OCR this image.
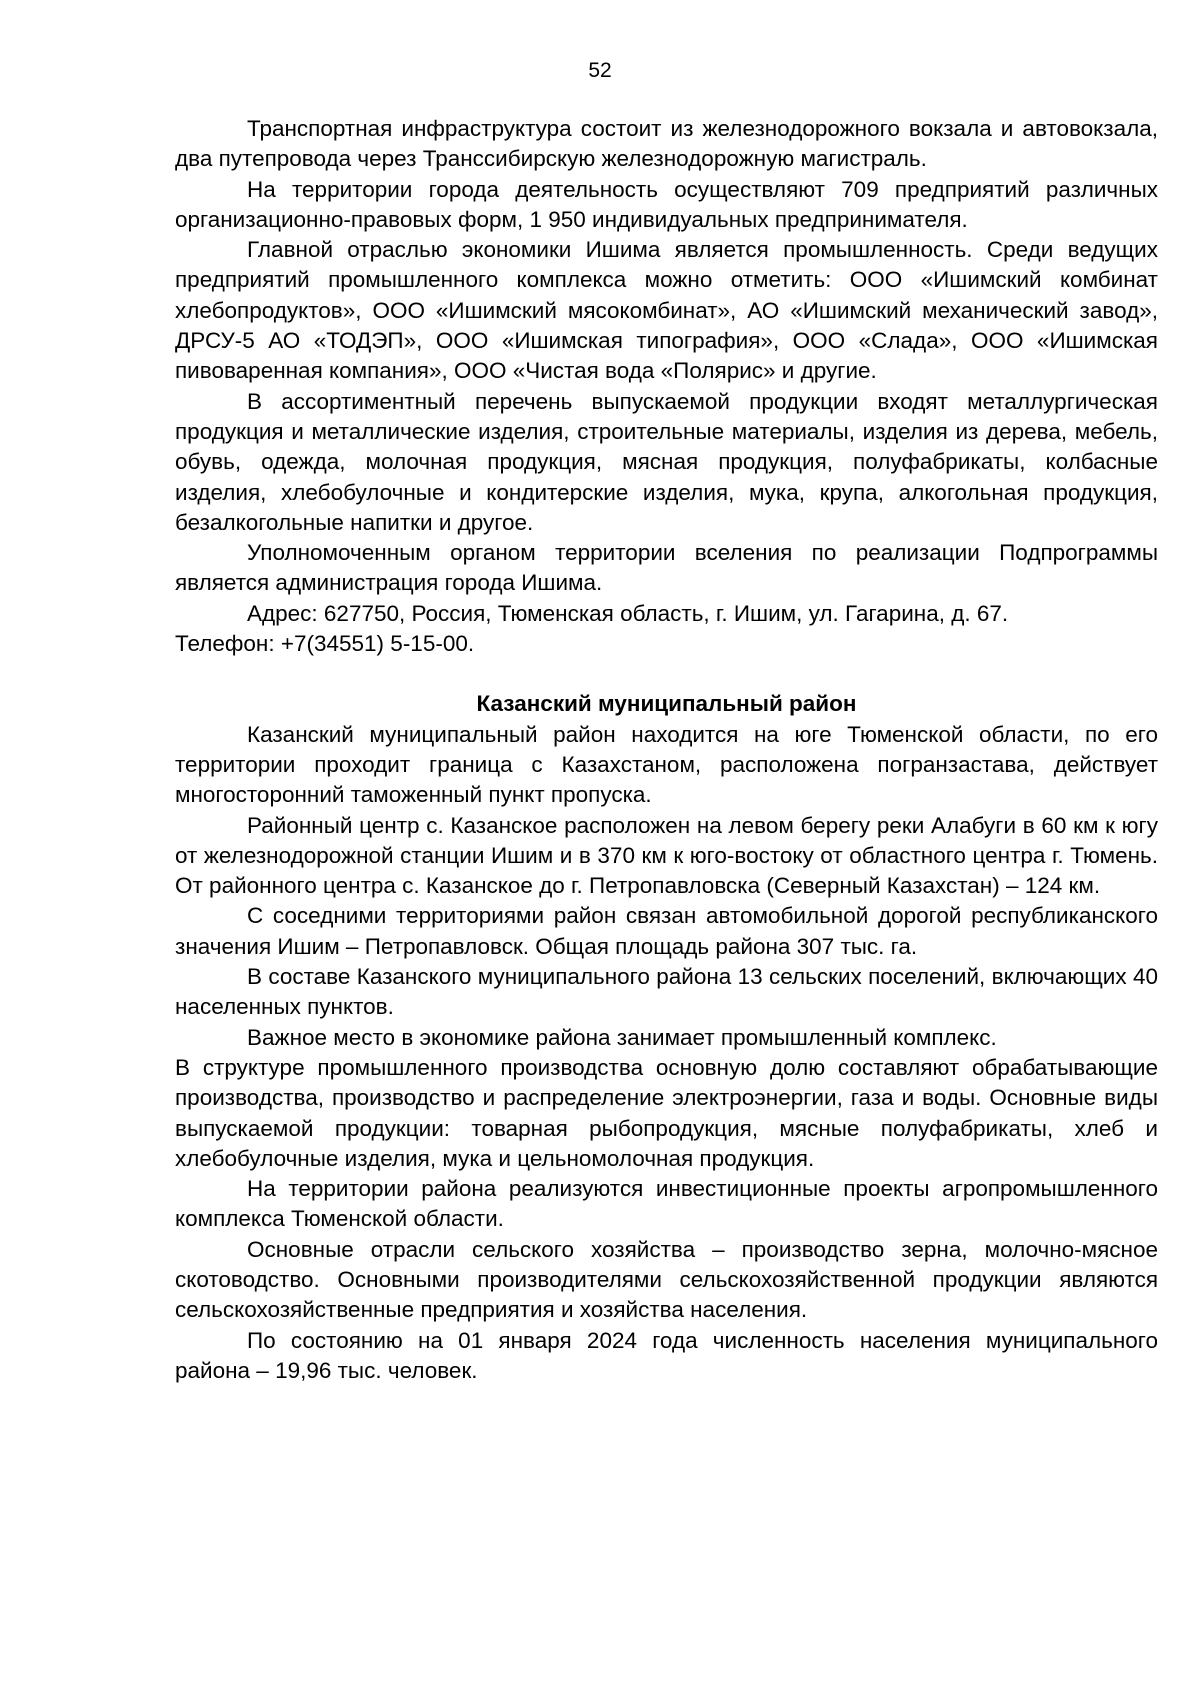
52

Транспортная инфраструктура состоит из железнодорожного вокзала и автовокзала, два путепровода через Транссибирскую железнодорожную магистраль.

На территории города деятельность осуществляют 709 предприятий различных организационно-правовых форм, 1 950 индивидуальных предпринимателя.

Главной отраслью экономики Ишима является промышленность. Среди ведущих предприятий промышленного комплекса можно отметить: ООО «Ишимский комбинат хлебопродуктов», ООО «Ишимский мясокомбинат», АО «Ишимский механический завод», ДРСУ-5 АО «ТОДЭП», ООО «Ишимская типография», ООО «Слада», ООО «Ишимская пивоваренная компания», ООО «Чистая вода «Полярис» и другие.

В ассортиментный перечень выпускаемой продукции входят металлургическая продукция и металлические изделия, строительные материалы, изделия из дерева, мебель, обувь, одежда, молочная продукция, мясная продукция, полуфабрикаты, колбасные изделия, хлебобулочные и кондитерские изделия, мука, крупа, алкогольная продукция, безалкогольные напитки и другое.

Уполномоченным органом территории вселения по реализации Подпрограммы является администрация города Ишима.

Адрес: 627750, Россия, Тюменская область, г. Ишим, ул. Гагарина, д. 67.

Телефон: +7(34551) 5-15-00.

Казанский муниципальный район

Казанский муниципальный район находится на юге Тюменской области, по его территории проходит граница с Казахстаном, расположена погранзастава, действует многосторонний таможенный пункт пропуска.

Районный центр с. Казанское расположен на левом берегу реки Алабуги в 60 км к югу от железнодорожной станции Ишим и в 370 км к юго-востоку от областного центра г. Тюмень. От районного центра с. Казанское до г. Петропавловска (Северный Казахстан) – 124 км.

С соседними территориями район связан автомобильной дорогой республиканского значения Ишим – Петропавловск. Общая площадь района 307 тыс. га.

В составе Казанского муниципального района 13 сельских поселений, включающих 40 населенных пунктов.

Важное место в экономике района занимает промышленный комплекс.

В структуре промышленного производства основную долю составляют обрабатывающие производства, производство и распределение электроэнергии, газа и воды. Основные виды выпускаемой продукции: товарная рыбопродукция, мясные полуфабрикаты, хлеб и хлебобулочные изделия, мука и цельномолочная продукция.

На территории района реализуются инвестиционные проекты агропромышленного комплекса Тюменской области.

Основные отрасли сельского хозяйства – производство зерна, молочно-мясное скотоводство. Основными производителями сельскохозяйственной продукции являются сельскохозяйственные предприятия и хозяйства населения.

По состоянию на 01 января 2024 года численность населения муниципального района – 19,96 тыс. человек.
